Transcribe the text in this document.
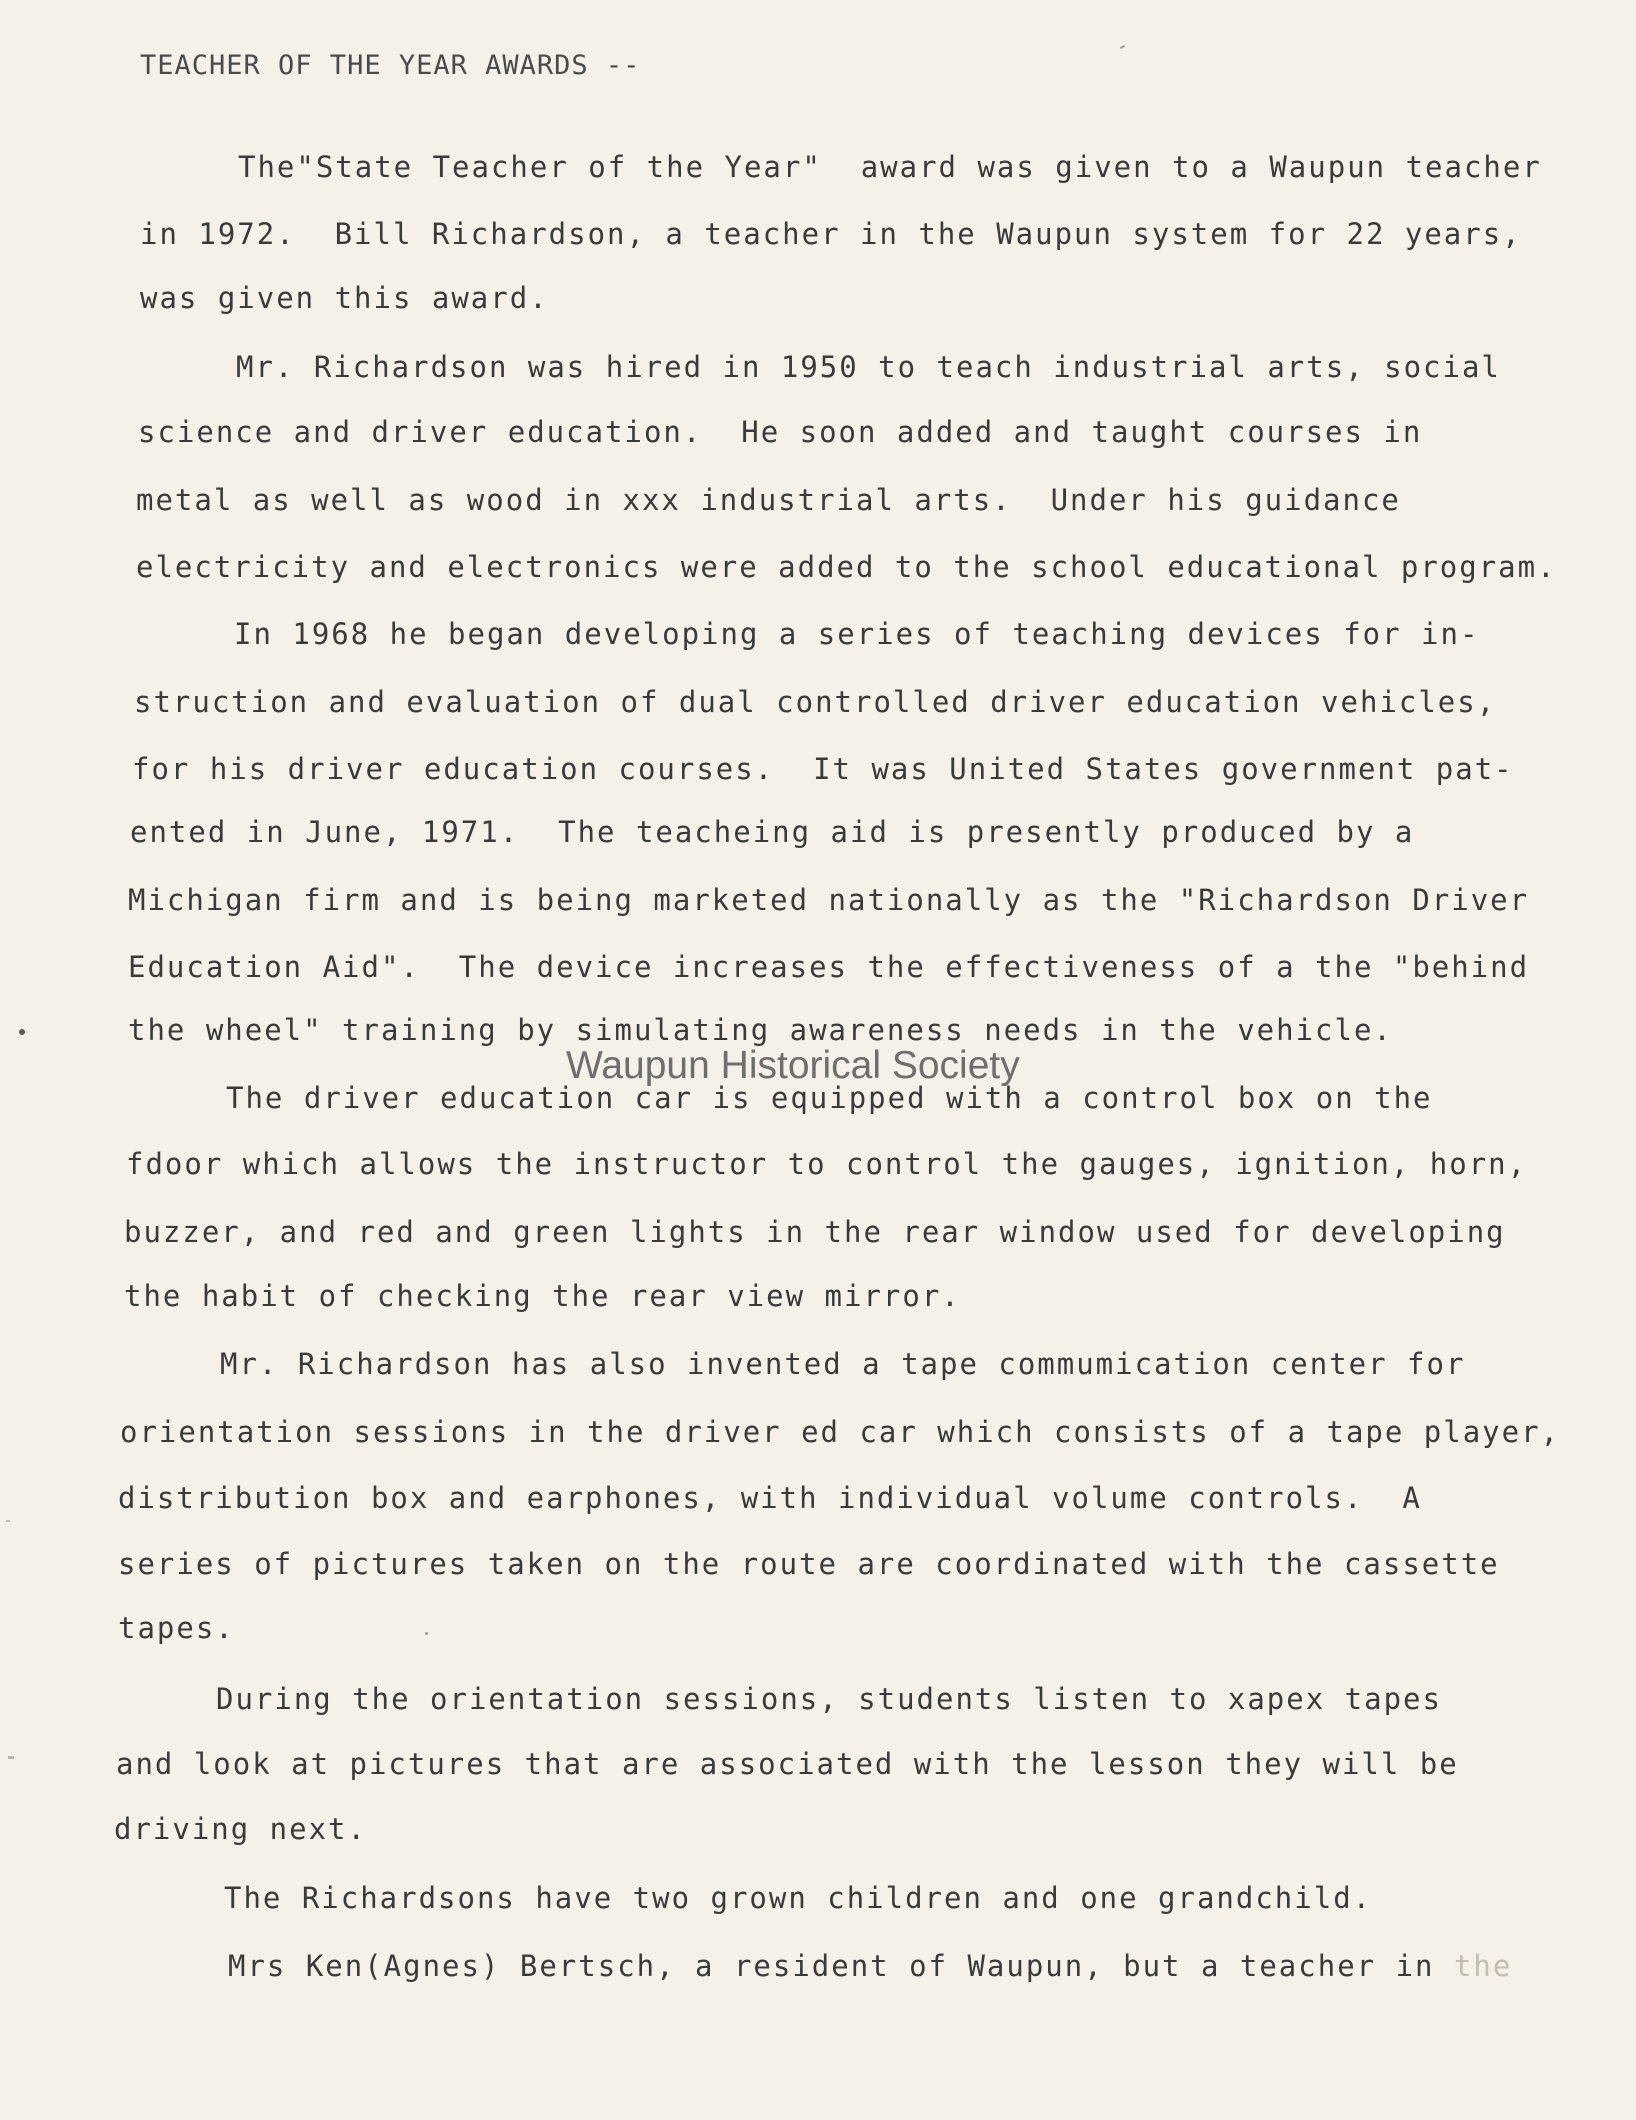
TEACHER OF THE YEAR AWARDS --
The"State Teacher of the Year"  award was given to a Waupun teacher
in 1972.  Bill Richardson, a teacher in the Waupun system for 22 years,
was given this award.
Mr. Richardson was hired in 1950 to teach industrial arts, social
science and driver education.  He soon added and taught courses in
metal as well as wood in xxx industrial arts.  Under his guidance
electricity and electronics were added to the school educational program.
In 1968 he began developing a series of teaching devices for in-
struction and evaluation of dual controlled driver education vehicles,
for his driver education courses.  It was United States government pat-
ented in June, 1971.  The teacheing aid is presently produced by a
Michigan firm and is being marketed nationally as the "Richardson Driver
Education Aid".  The device increases the effectiveness of a the "behind
the wheel" training by simulating awareness needs in the vehicle.
The driver education car is equipped with a control box on the
fdoor which allows the instructor to control the gauges, ignition, horn,
buzzer, and red and green lights in the rear window used for developing
the habit of checking the rear view mirror.
Mr. Richardson has also invented a tape commumication center for
orientation sessions in the driver ed car which consists of a tape player,
distribution box and earphones, with individual volume controls.  A
series of pictures taken on the route are coordinated with the cassette
tapes.
During the orientation sessions, students listen to xapex tapes
and look at pictures that are associated with the lesson they will be
driving next.
The Richardsons have two grown children and one grandchild.
Mrs Ken(Agnes) Bertsch, a resident of Waupun, but a teacher in the
Waupun Historical Society
